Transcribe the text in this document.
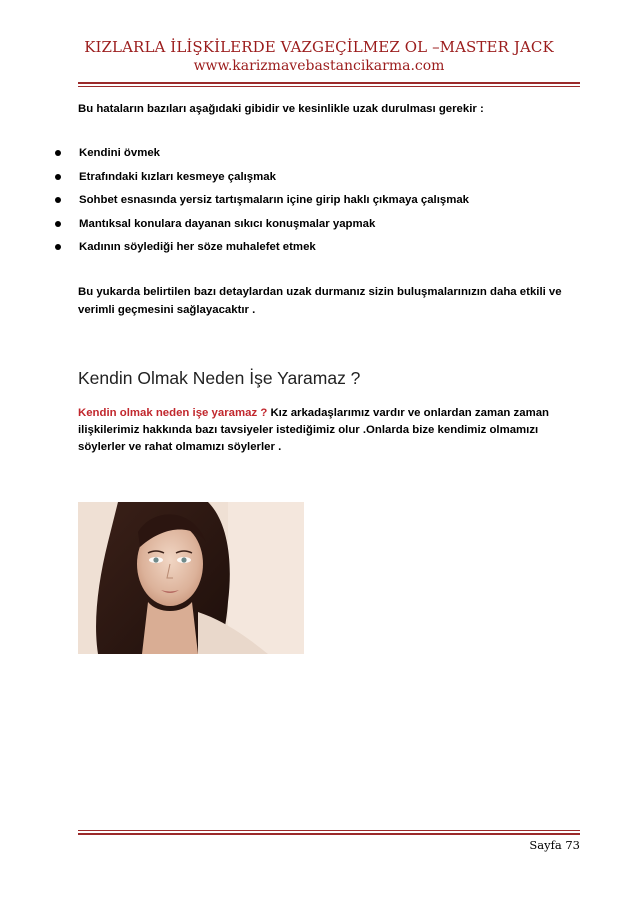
KIZLARLA İLİŞKİLERDE VAZGEÇİLMEZ OL –MASTER JACK
www.karizmavebastancikarma.com
Bu hataların bazıları aşağıdaki gibidir ve kesinlikle uzak durulması gerekir :
Kendini övmek
Etrafındaki kızları kesmeye çalışmak
Sohbet esnasında yersiz tartışmaların içine girip haklı çıkmaya çalışmak
Mantıksal konulara dayanan sıkıcı konuşmalar yapmak
Kadının söylediği her söze muhalefet etmek
Bu yukarda belirtilen bazı detaylardan uzak durmanız sizin buluşmalarınızın daha etkili ve verimli geçmesini sağlayacaktır .
Kendin Olmak Neden İşe Yaramaz ?
Kendin olmak neden işe yaramaz ? Kız arkadaşlarımız vardır ve onlardan zaman zaman ilişkilerimiz hakkında bazı tavsiyeler istediğimiz olur .Onlarda bize kendimiz olmamızı söylerler ve rahat olmamızı söylerler .
Sayfa 73
